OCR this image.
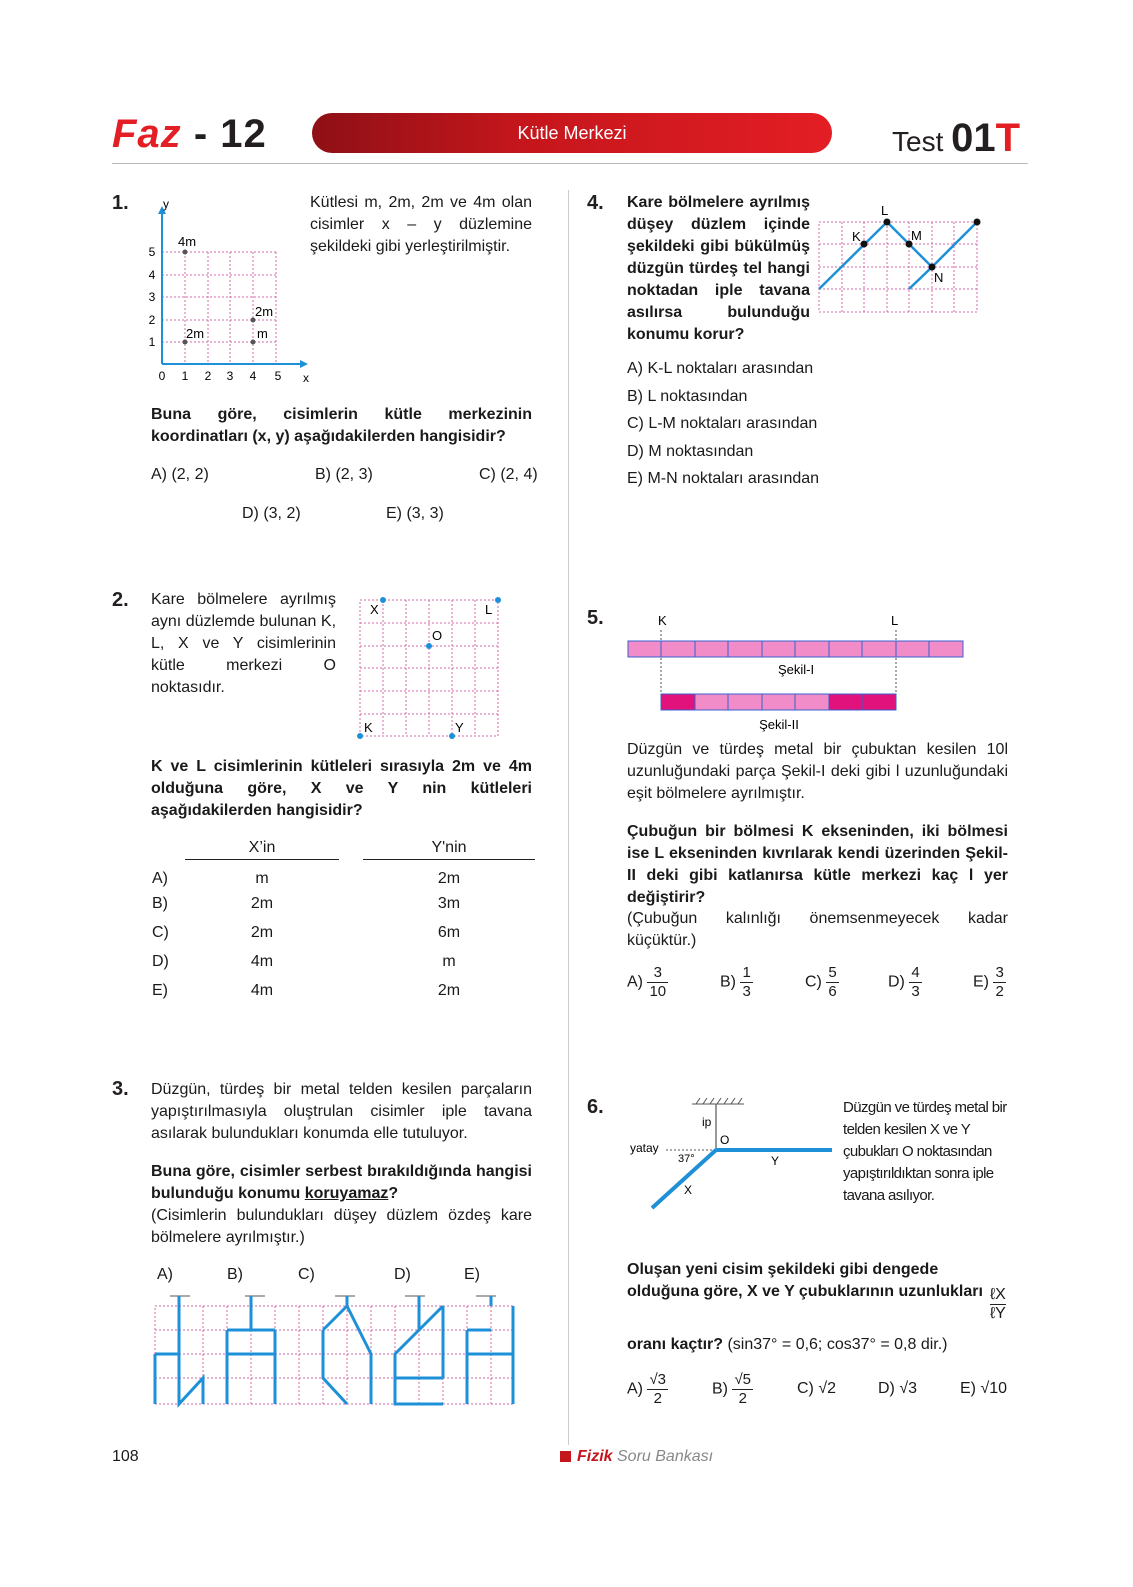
Faz - 12	Kütle Merkezi	Test 01T
1.	y
x
0 1 2 3 4 5
1
2
3
4
5
4m
2m
2m
m
Kütlesi m, 2m, 2m ve 4m olan cisimler x – y düzlemine şekildeki gibi yerleştirilmiştir.
Buna göre, cisimlerin kütle merkezinin koordinatları (x, y) aşağıdakilerden hangisidir?
A) (2, 2)	B) (2, 3)	C) (2, 4)
D) (3, 2)	E) (3, 3)
2. Kare bölmelere ayrılmış aynı düzlemde bulunan K, L, X ve Y cisimlerinin kütle merkezi O noktasıdır.
X	L
O
K	Y
K ve L cisimlerinin kütleleri sırasıyla 2m ve 4m olduğuna göre, X ve Y nin kütleleri aşağıdakilerden hangisidir?
	X’in		Y'nin
A)	m		2m
B)	2m		3m
C)	2m		6m
D)	4m		m
E)	4m		2m
3. Düzgün, türdeş bir metal telden kesilen parçaların yapıştırılmasıyla oluştrulan cisimler iple tavana asılarak bulundukları konumda elle tutuluyor.
Buna göre, cisimler serbest bırakıldığında hangisi bulunduğu konumu koruyamaz?
(Cisimlerin bulundukları düşey düzlem özdeş kare bölmelere ayrılmıştır.)
A)	B)	C)	D)	E)
4. Kare bölmelere ayrılmış düşey düzlem içinde şekildeki gibi bükülmüş düzgün türdeş tel hangi noktadan iple tavana asılırsa bulunduğu konumu korur?
K
L
M
N
A) K-L noktaları arasından
B) L noktasından
C) L-M noktaları arasından
D) M noktasından
E) M-N noktaları arasından
5.	K	L
Şekil-I
Şekil-II
Düzgün ve türdeş metal bir çubuktan kesilen 10l uzunluğundaki parça Şekil-I deki gibi l uzunluğundaki eşit bölmelere ayrılmıştır.
Çubuğun bir bölmesi K ekseninden, iki bölmesi ise L ekseninden kıvrılarak kendi üzerinden Şekil-II deki gibi katlanırsa kütle merkezi kaç l yer değiştirir?
(Çubuğun kalınlığı önemsenmeyecek kadar küçüktür.)
$A) \frac{3}{10}$	$B) \frac{1}{3}$	$C) \frac{5}{6}$	$D) \frac{4}{3}$	$E) \frac{3}{2}$
6.
ip
O
yatay
37°	Y
X
Düzgün ve türdeş metal bir telden kesilen X ve Y çubukları O noktasından yapıştırıldıktan sonra iple tavana asılıyor.
Oluşan yeni cisim şekildeki gibi dengede olduğuna göre, X ve Y çubuklarının uzunlukları ℓX
ℓY
oranı kaçtır? (sin37° = 0,6; cos37° = 0,8 dir.)
$A) \frac{√3}{2}$	$B) \frac{√5}{2}$	C) √2	D) √3	E) √10
108	Fizik Soru Bankası
